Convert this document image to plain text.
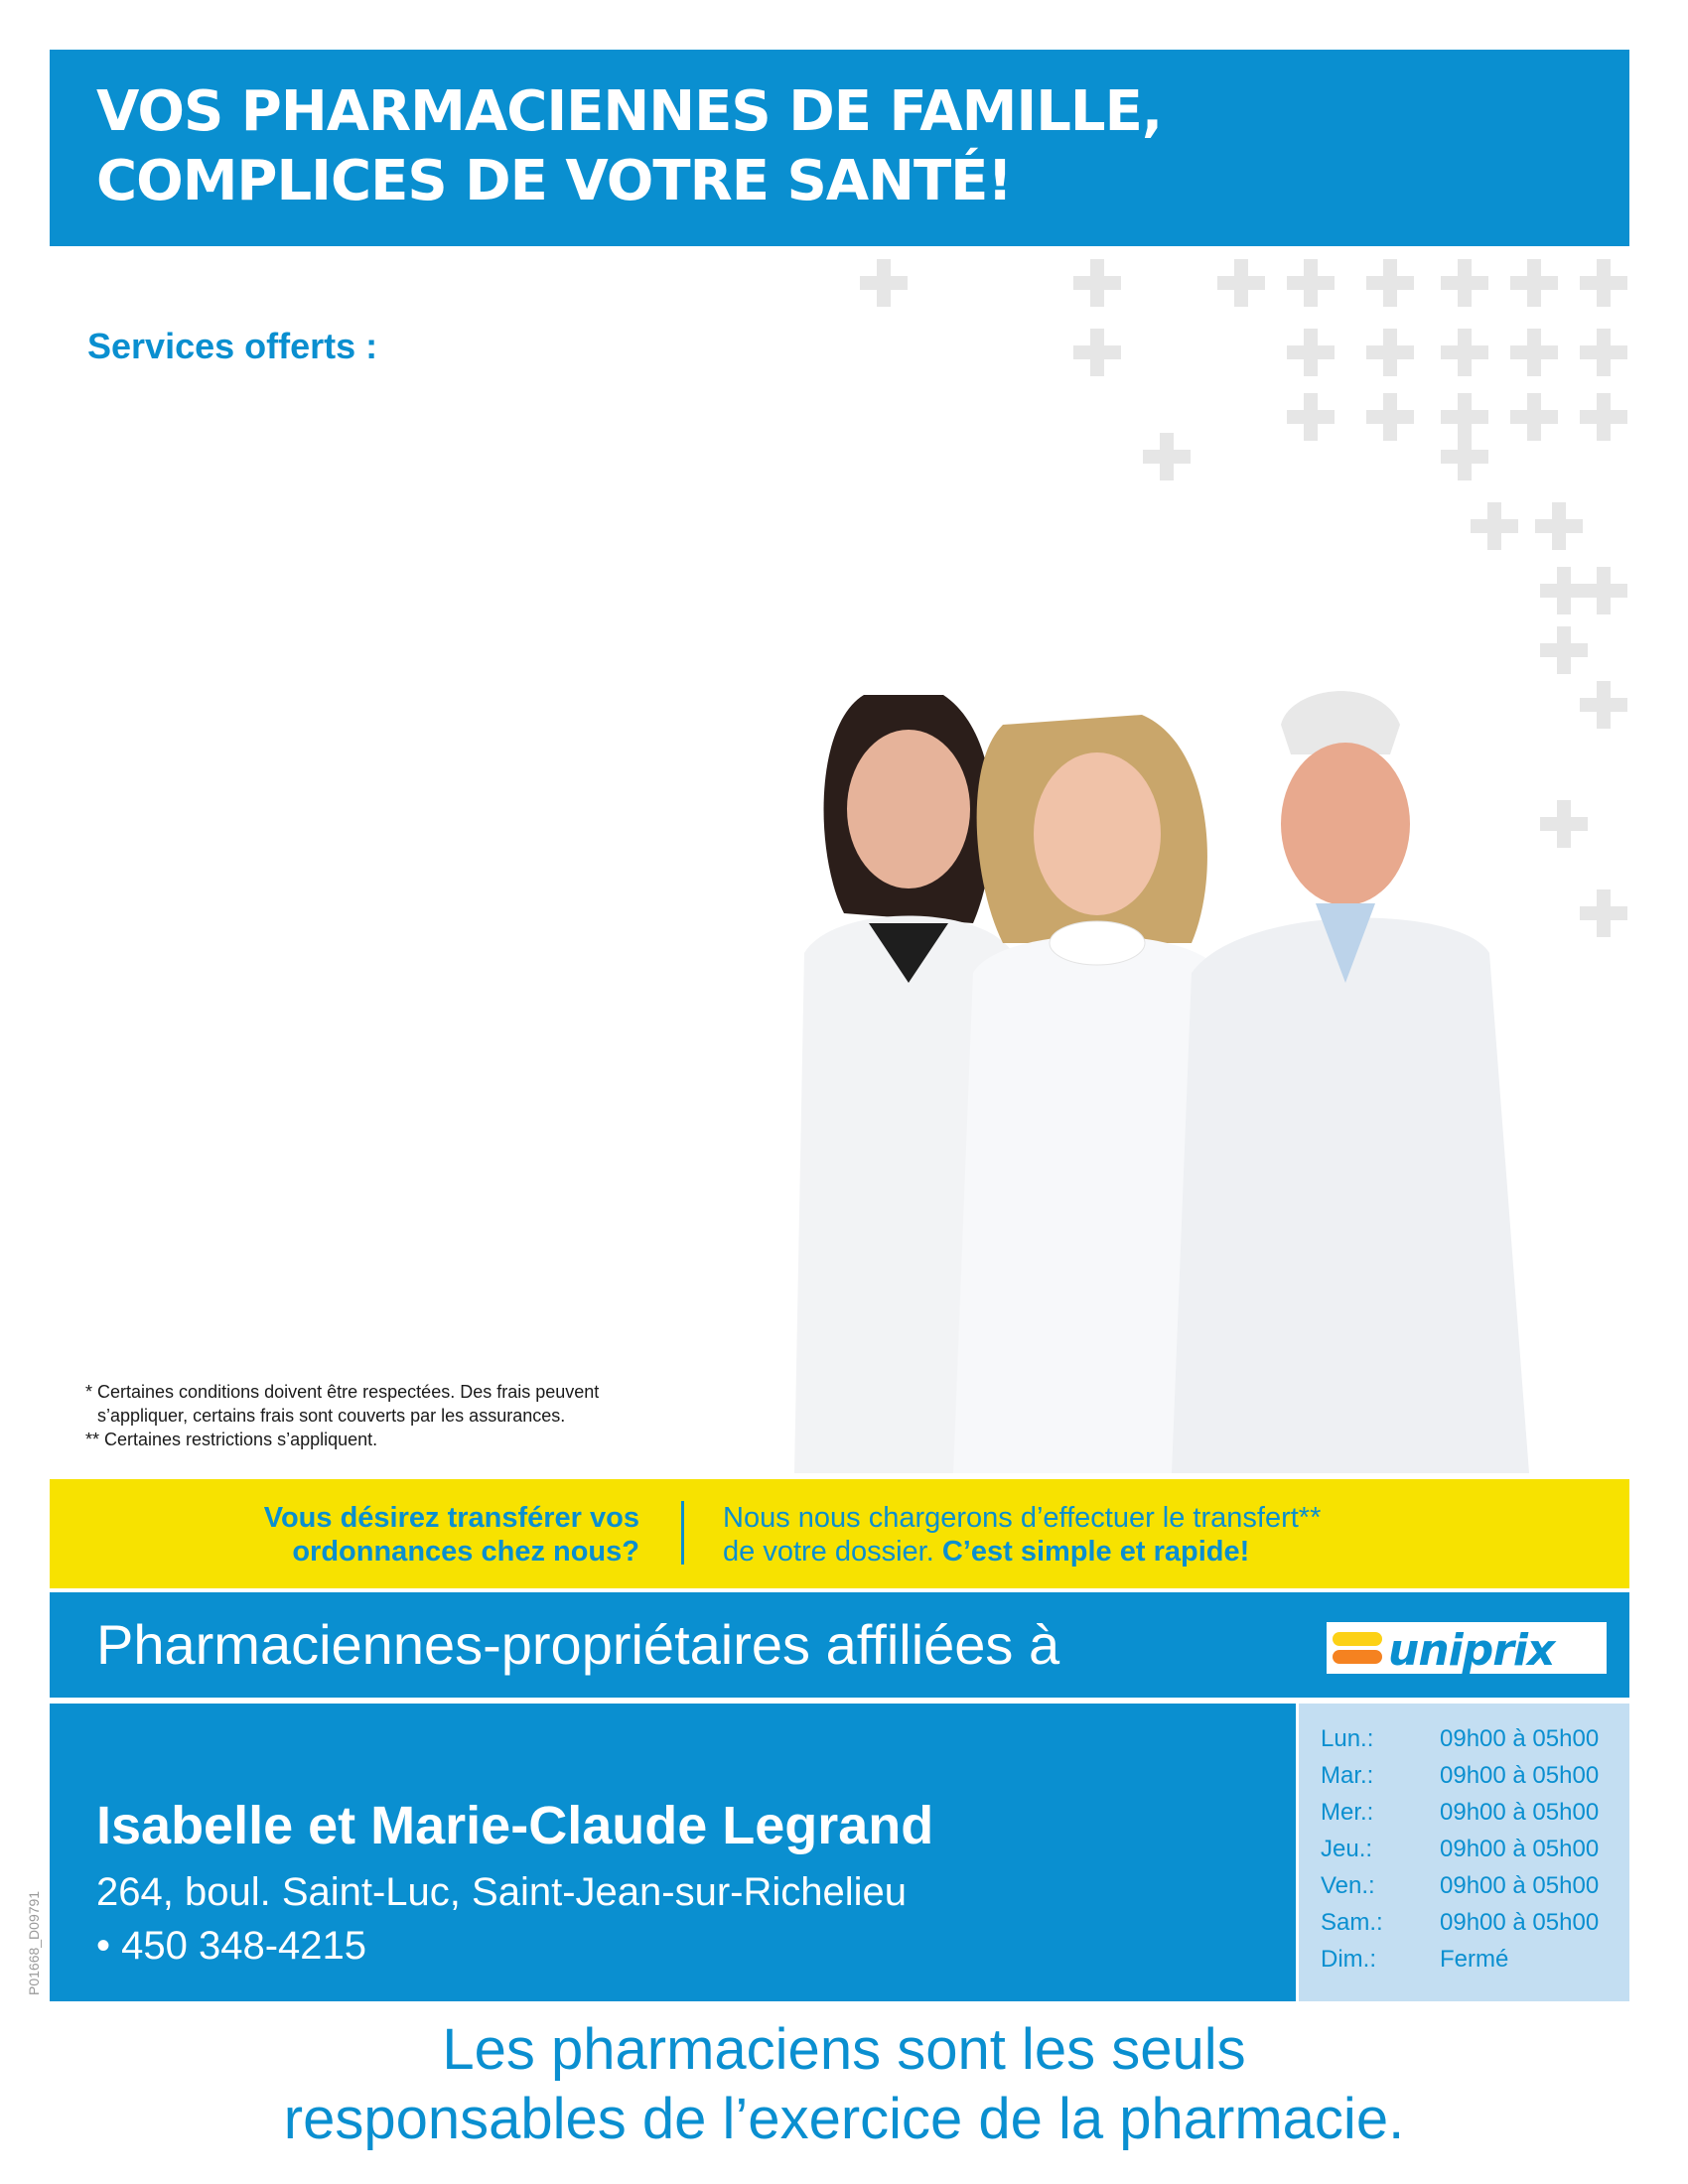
VOS PHARMACIENNES DE FAMILLE,
COMPLICES DE VOTRE SANTÉ!
Services offerts :
* Certaines conditions doivent être respectées. Des frais peuvent
s’appliquer, certains frais sont couverts par les assurances.
** Certaines restrictions s’appliquent.
Vous désirez transférer vos
ordonnances chez nous?
Nous nous chargerons d’effectuer le transfert**
de votre dossier. C’est simple et rapide!
Pharmaciennes-propriétaires affiliées à	uniprix
Isabelle et Marie-Claude Legrand
264, boul. Saint-Luc, Saint-Jean-sur-Richelieu
• 450 348-4215
Lun.:	09h00 à 05h00
Mar.:	09h00 à 05h00
Mer.:	09h00 à 05h00
Jeu.:	09h00 à 05h00
Ven.:	09h00 à 05h00
Sam.: 09h00 à 05h00
Dim.:	Fermé
P01668_D09791
Les pharmaciens sont les seuls
responsables de l’exercice de la pharmacie.
